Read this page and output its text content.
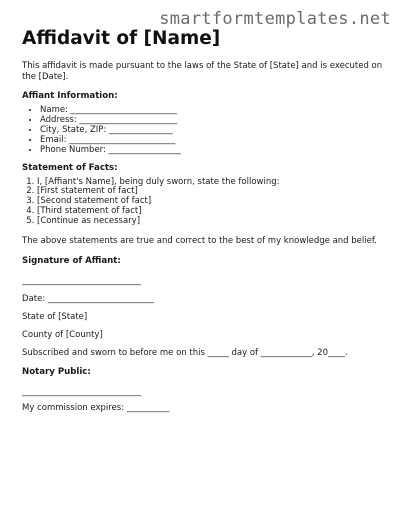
smartformtemplates.net
Affidavit of [Name]

This affidavit is made pursuant to the laws of the State of [State] and is executed on the [Date].

Affiant Information:

• Name: _________________________
• Address: _______________________
• City, State, ZIP: _______________
• Email: _________________________
• Phone Number: _________________

Statement of Facts:

1. I, [Affiant's Name], being duly sworn, state the following:
2. [First statement of fact]
3. [Second statement of fact]
4. [Third statement of fact]
5. [Continue as necessary]

The above statements are true and correct to the best of my knowledge and belief.

Signature of Affiant:

____________________________

Date: _________________________

State of [State]

County of [County]

Subscribed and sworn to before me on this _____ day of ____________, 20____.

Notary Public:

____________________________

My commission expires: __________
